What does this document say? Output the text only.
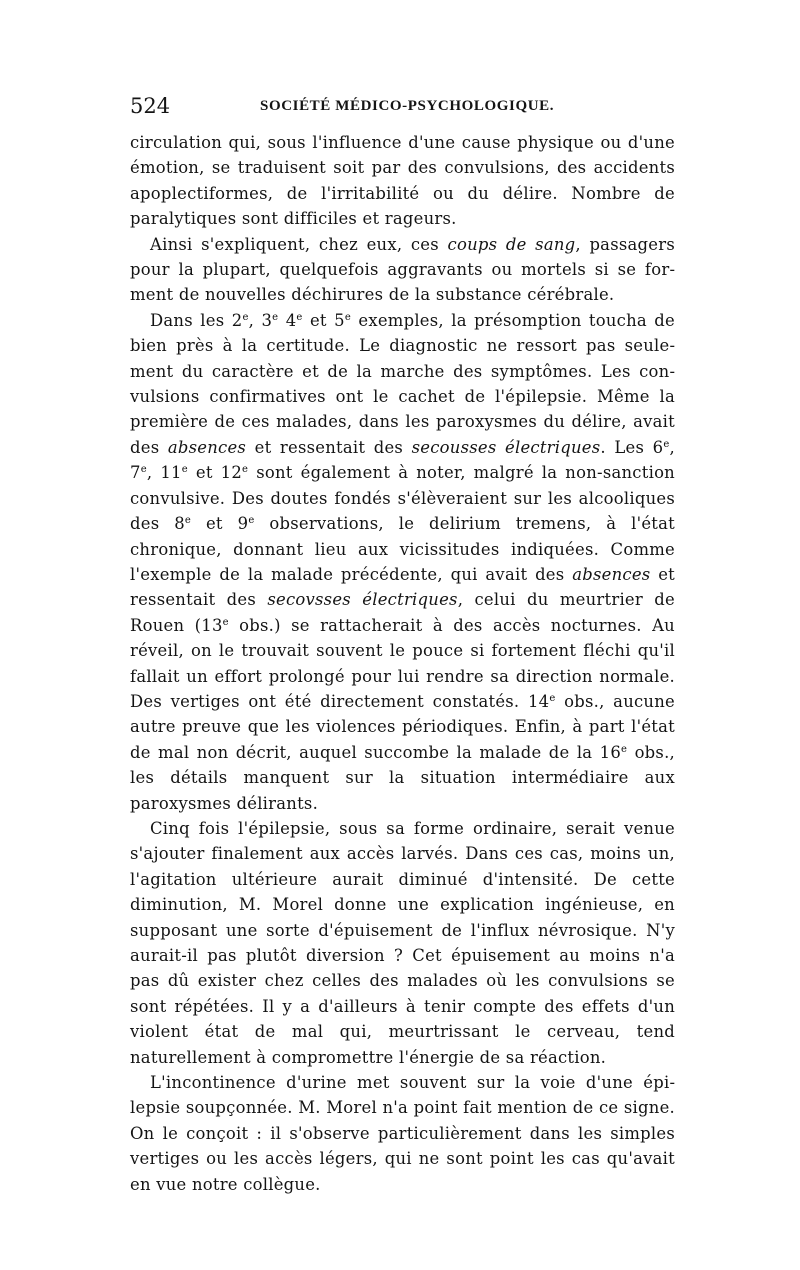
524	SOCIÉTÉ MÉDICO-PSYCHOLOGIQUE.

circulation qui, sous l'influence d'une cause physique ou d'une émotion, se traduisent soit par des convulsions, des accidents apoplectiformes, de l'irritabilité ou du délire. Nombre de paralytiques sont difficiles et rageurs.

Ainsi s'expliquent, chez eux, ces coups de sang, passagers pour la plupart, quelquefois aggravants ou mortels si se forment de nouvelles déchirures de la substance cérébrale.

Dans les 2e, 3e 4e et 5e exemples, la présomption toucha de bien près à la certitude. Le diagnostic ne ressort pas seulement du caractère et de la marche des symptômes. Les convulsions confirmatives ont le cachet de l'épilepsie. Même la première de ces malades, dans les paroxysmes du délire, avait des absences et ressentait des secousses électriques. Les 6e, 7e, 11e et 12e sont également à noter, malgré la non-sanction convulsive. Des doutes fondés s'élèveraient sur les alcooliques des 8e et 9e observations, le delirium tremens, à l'état chronique, donnant lieu aux vicissitudes indiquées. Comme l'exemple de la malade précédente, qui avait des absences et ressentait des secovsses électriques, celui du meurtrier de Rouen (13e obs.) se rattacherait à des accès nocturnes. Au réveil, on le trouvait souvent le pouce si fortement fléchi qu'il fallait un effort prolongé pour lui rendre sa direction normale. Des vertiges ont été directement constatés. 14e obs., aucune autre preuve que les violences périodiques. Enfin, à part l'état de mal non décrit, auquel succombe la malade de la 16e obs., les détails manquent sur la situation intermédiaire aux paroxysmes délirants.

Cinq fois l'épilepsie, sous sa forme ordinaire, serait venue s'ajouter finalement aux accès larvés. Dans ces cas, moins un, l'agitation ultérieure aurait diminué d'intensité. De cette diminution, M. Morel donne une explication ingénieuse, en supposant une sorte d'épuisement de l'influx névrosique. N'y aurait-il pas plutôt diversion ? Cet épuisement au moins n'a pas dû exister chez celles des malades où les convulsions se sont répétées. Il y a d'ailleurs à tenir compte des effets d'un violent état de mal qui, meurtrissant le cerveau, tend naturellement à compromettre l'énergie de sa réaction.

L'incontinence d'urine met souvent sur la voie d'une épilepsie soupçonnée. M. Morel n'a point fait mention de ce signe. On le conçoit : il s'observe particulièrement dans les simples vertiges ou les accès légers, qui ne sont point les cas qu'avait en vue notre collègue.
